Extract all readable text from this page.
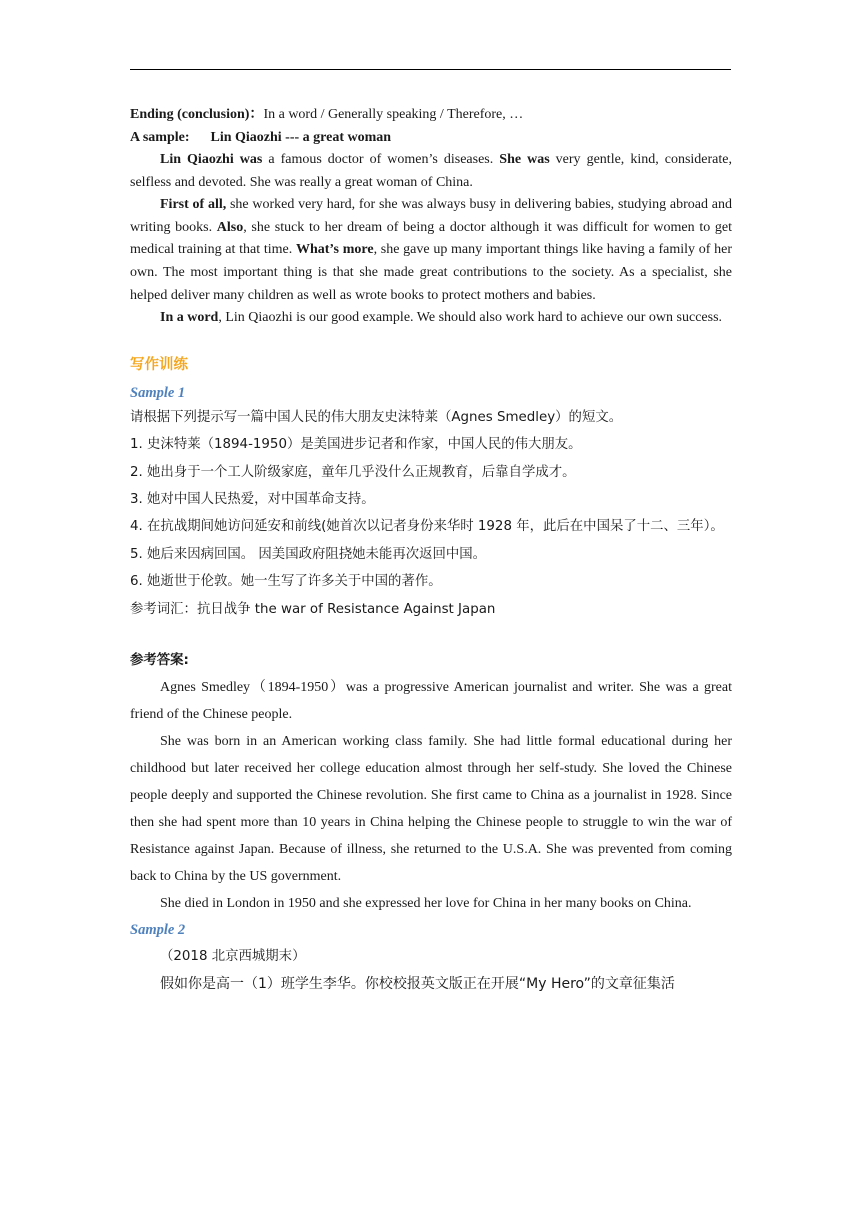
Ending (conclusion)：In a word / Generally speaking / Therefore, …

A sample: Lin Qiaozhi --- a great woman

Lin Qiaozhi was a famous doctor of women’s diseases. She was very gentle, kind, considerate, selfless and devoted. She was really a great woman of China.

First of all, she worked very hard, for she was always busy in delivering babies, studying abroad and writing books. Also, she stuck to her dream of being a doctor although it was difficult for women to get medical training at that time. What’s more, she gave up many important things like having a family of her own. The most important thing is that she made great contributions to the society. As a specialist, she helped deliver many children as well as wrote books to protect mothers and babies.

In a word, Lin Qiaozhi is our good example. We should also work hard to achieve our own success.

写作训练

Sample 1

请根据下列提示写一篇中国人民的伟大朋友史沫特莱（Agnes Smedley）的短文。

1. 史沫特莱（1894-1950）是美国进步记者和作家，中国人民的伟大朋友。

2. 她出身于一个工人阶级家庭，童年几乎没什么正规教育，后靠自学成才。

3. 她对中国人民热爱，对中国革命支持。

4. 在抗战期间她访问延安和前线(她首次以记者身份来华时 1928 年，此后在中国呆了十二、三年）。

5. 她后来因病回国。 因美国政府阻挠她未能再次返回中国。

6. 她逝世于伦敦。她一生写了许多关于中国的著作。

参考词汇：抗日战争 the war of Resistance Against Japan

参考答案:

Agnes Smedley（1894-1950）was a progressive American journalist and writer. She was a great friend of the Chinese people.

She was born in an American working class family. She had little formal educational during her childhood but later received her college education almost through her self-study. She loved the Chinese people deeply and supported the Chinese revolution. She first came to China as a journalist in 1928. Since then she had spent more than 10 years in China helping the Chinese people to struggle to win the war of Resistance against Japan. Because of illness, she returned to the U.S.A. She was prevented from coming back to China by the US government.

She died in London in 1950 and she expressed her love for China in her many books on China.

Sample 2

（2018 北京西城期末）

假如你是高一（1）班学生李华。你校校报英文版正在开展“My Hero”的文章征集活
